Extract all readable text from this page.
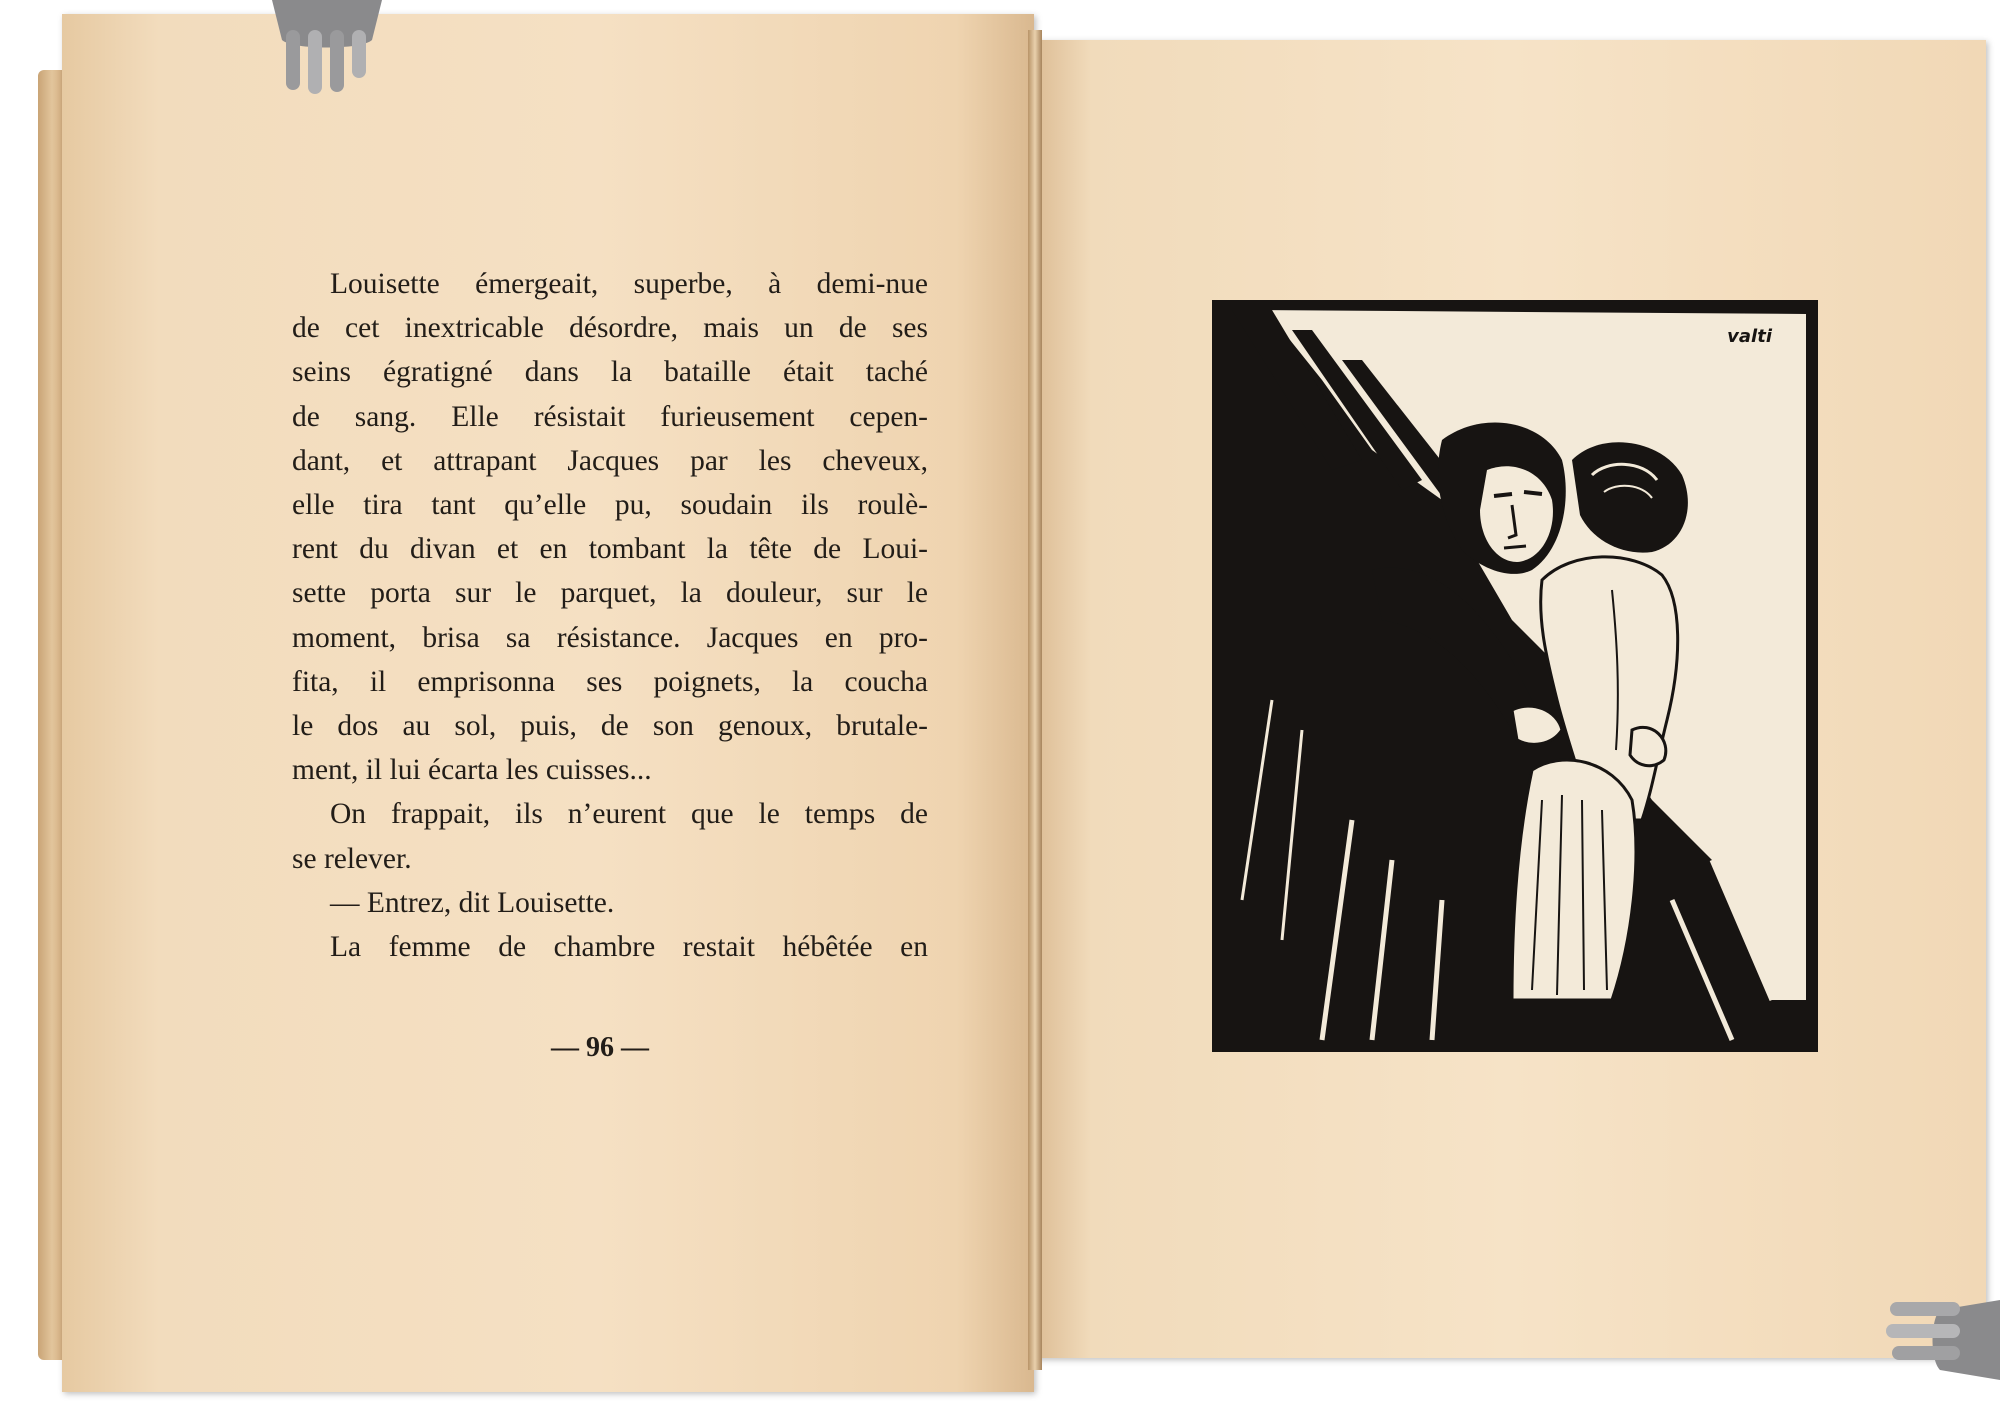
Louisette émergeait, superbe, à demi-nue
de cet inextricable désordre, mais un de ses
seins égratigné dans la bataille était taché
de sang. Elle résistait furieusement cepen-
dant, et attrapant Jacques par les cheveux,
elle tira tant qu’elle pu, soudain ils roulè-
rent du divan et en tombant la tête de Loui-
sette porta sur le parquet, la douleur, sur le
moment, brisa sa résistance. Jacques en pro-
fita, il emprisonna ses poignets, la coucha
le dos au sol, puis, de son genoux, brutale-
ment, il lui écarta les cuisses...
On frappait, ils n’eurent que le temps de
se relever.
— Entrez, dit Louisette.
La femme de chambre restait hébêtée en
— 96 —
valti
